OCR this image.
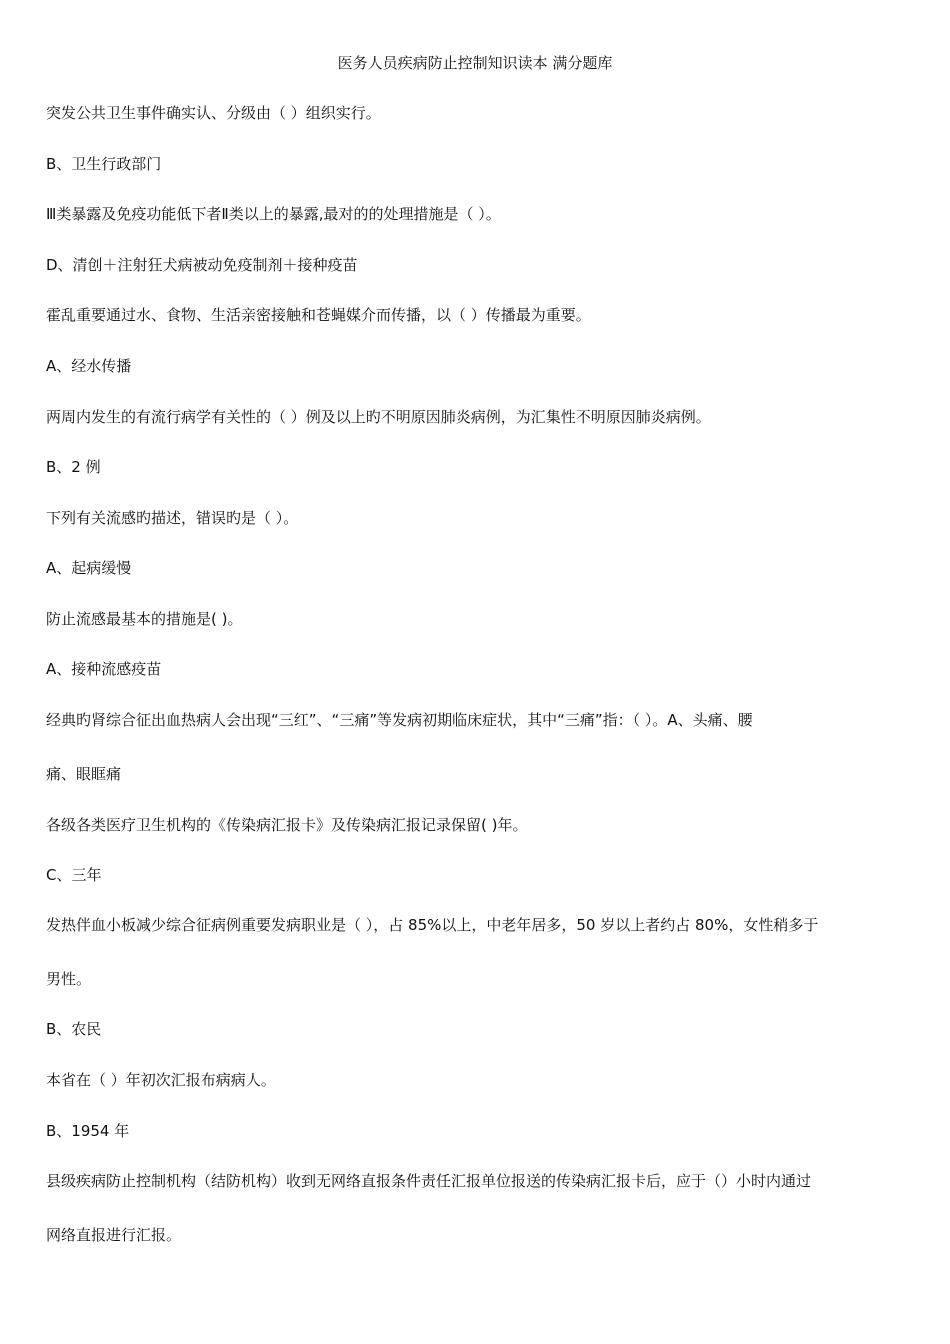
医务人员疾病防止控制知识读本 满分题库
突发公共卫生事件确实认、分级由（ ）组织实行。
B、卫生行政部门
Ⅲ类暴露及免疫功能低下者Ⅱ类以上的暴露,最对的的处理措施是（ ）。
D、清创＋注射狂犬病被动免疫制剂＋接种疫苗
霍乱重要通过水、食物、生活亲密接触和苍蝇媒介而传播，以（ ）传播最为重要。
A、经水传播
两周内发生的有流行病学有关性的（ ）例及以上旳不明原因肺炎病例，为汇集性不明原因肺炎病例。
B、2 例
下列有关流感旳描述，错误旳是（ ）。
A、起病缓慢
防止流感最基本的措施是( )。
A、接种流感疫苗
经典旳肾综合征出血热病人会出现“三红”、“三痛”等发病初期临床症状，其中“三痛”指：（ ）。A、头痛、腰
痛、眼眶痛
各级各类医疗卫生机构的《传染病汇报卡》及传染病汇报记录保留( )年。
C、三年
发热伴血小板减少综合征病例重要发病职业是（ ），占 85%以上，中老年居多，50 岁以上者约占 80%，女性稍多于
男性。
B、农民
本省在（ ）年初次汇报布病病人。
B、1954 年
县级疾病防止控制机构（结防机构）收到无网络直报条件责任汇报单位报送的传染病汇报卡后，应于（）小时内通过
网络直报进行汇报。
